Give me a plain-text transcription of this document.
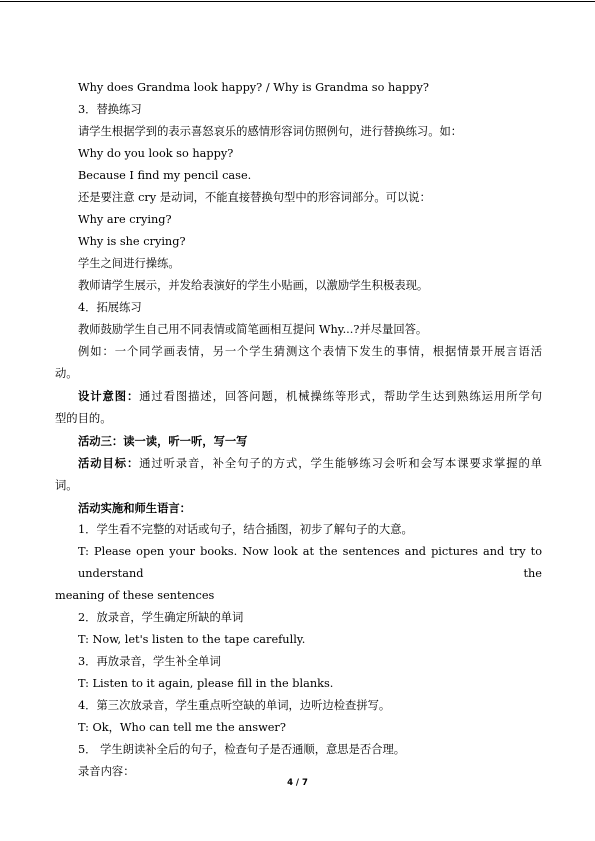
Why does Grandma look happy? / Why is Grandma so happy?
3．替换练习
请学生根据学到的表示喜怒哀乐的感情形容词仿照例句，进行替换练习。如：
Why do you look so happy?
Because I find my pencil case.
还是要注意 cry 是动词，不能直接替换句型中的形容词部分。可以说：
Why are crying?
Why is she crying?
学生之间进行操练。
教师请学生展示，并发给表演好的学生小贴画，以激励学生积极表现。
4．拓展练习
教师鼓励学生自己用不同表情或简笔画相互提问 Why...?并尽量回答。
例如：一个同学画表情，另一个学生猜测这个表情下发生的事情，根据情景开展言语活
动。
设计意图：通过看图描述，回答问题，机械操练等形式，帮助学生达到熟练运用所学句
型的目的。
活动三：读一读，听一听，写一写
活动目标：通过听录音，补全句子的方式，学生能够练习会听和会写本课要求掌握的单
词。
活动实施和师生语言：
1．学生看不完整的对话或句子，结合插图，初步了解句子的大意。
T: Please open your books. Now look at the sentences and pictures and try to understand the
meaning of these sentences
2．放录音，学生确定所缺的单词
T: Now, let's listen to the tape carefully.
3．再放录音，学生补全单词
T: Listen to it again, please fill in the blanks.
4．第三次放录音，学生重点听空缺的单词，边听边检查拼写。
T: Ok，Who can tell me the answer?
5． 学生朗读补全后的句子，检查句子是否通顺，意思是否合理。
录音内容：
4 / 7
